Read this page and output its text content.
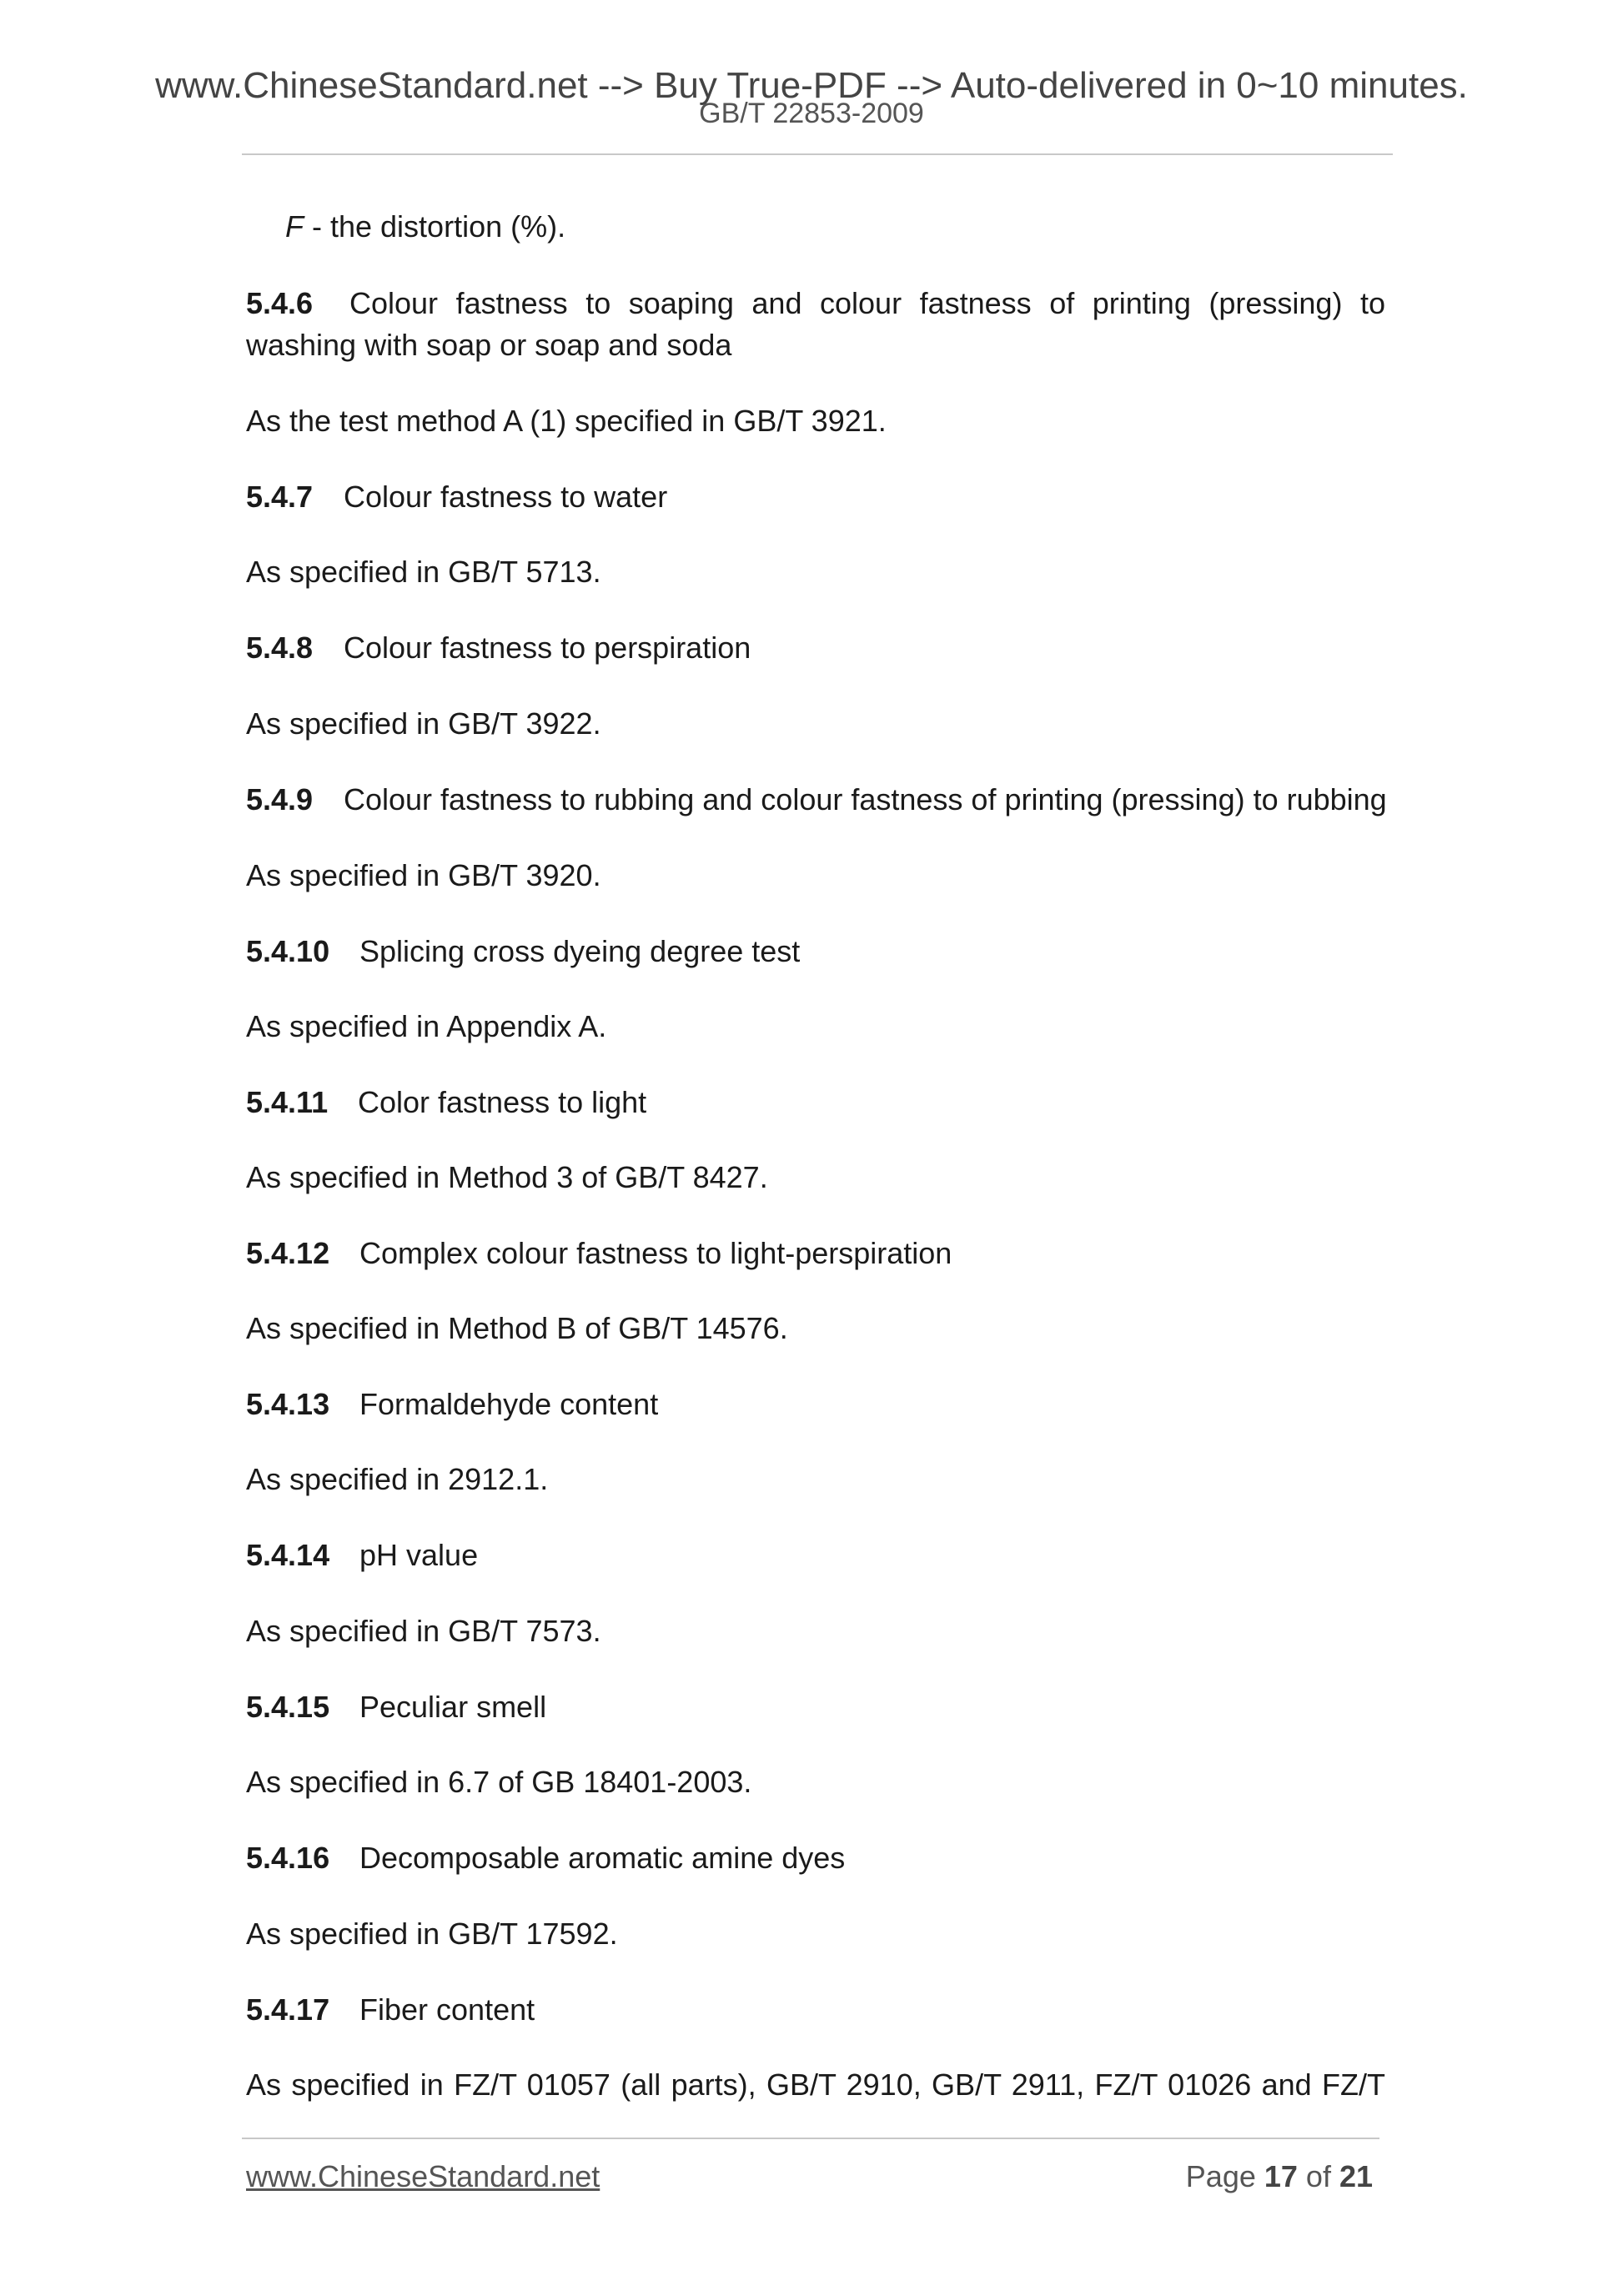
www.ChineseStandard.net --> Buy True-PDF --> Auto-delivered in 0~10 minutes.
GB/T 22853-2009
F - the distortion (%).
5.4.6 Colour fastness to soaping and colour fastness of printing (pressing) to
washing with soap or soap and soda
As the test method A (1) specified in GB/T 3921.
5.4.7 Colour fastness to water
As specified in GB/T 5713.
5.4.8 Colour fastness to perspiration
As specified in GB/T 3922.
5.4.9 Colour fastness to rubbing and colour fastness of printing (pressing) to rubbing
As specified in GB/T 3920.
5.4.10 Splicing cross dyeing degree test
As specified in Appendix A.
5.4.11 Color fastness to light
As specified in Method 3 of GB/T 8427.
5.4.12 Complex colour fastness to light-perspiration
As specified in Method B of GB/T 14576.
5.4.13 Formaldehyde content
As specified in 2912.1.
5.4.14 pH value
As specified in GB/T 7573.
5.4.15 Peculiar smell
As specified in 6.7 of GB 18401-2003.
5.4.16 Decomposable aromatic amine dyes
As specified in GB/T 17592.
5.4.17 Fiber content
As specified in FZ/T 01057 (all parts), GB/T 2910, GB/T 2911, FZ/T 01026 and FZ/T
www.ChineseStandard.net	Page 17 of 21
